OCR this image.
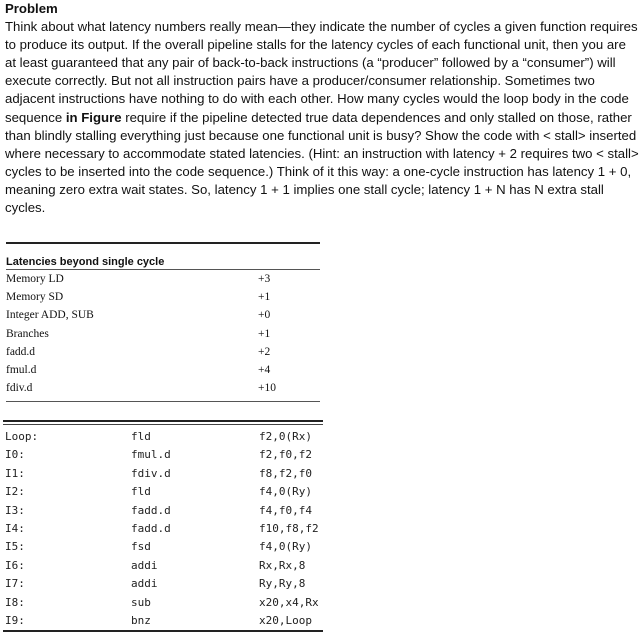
Problem

Think about what latency numbers really mean—they indicate the number of cycles a given function requires to produce its output. If the overall pipeline stalls for the latency cycles of each functional unit, then you are at least guaranteed that any pair of back-to-back instructions (a “producer” followed by a “consumer”) will execute correctly. But not all instruction pairs have a producer/consumer relationship. Sometimes two adjacent instructions have nothing to do with each other. How many cycles would the loop body in the code sequence in Figure require if the pipeline detected true data dependences and only stalled on those, rather than blindly stalling everything just because one functional unit is busy? Show the code with < stall> inserted where necessary to accommodate stated latencies. (Hint: an instruction with latency + 2 requires two < stall> cycles to be inserted into the code sequence.) Think of it this way: a one-cycle instruction has latency 1 + 0, meaning zero extra wait states. So, latency 1 + 1 implies one stall cycle; latency 1 + N has N extra stall cycles.

Latencies beyond single cycle
Memory LD	+3
Memory SD	+1
Integer ADD, SUB	+0
Branches	+1
fadd.d	+2
fmul.d	+4
fdiv.d	+10
Loop:	fld	f2,0(Rx)
I0:	fmul.d	f2,f0,f2
I1:	fdiv.d	f8,f2,f0
I2:	fld	f4,0(Ry)
I3:	fadd.d	f4,f0,f4
I4:	fadd.d	f10,f8,f2
I5:	fsd	f4,0(Ry)
I6:	addi	Rx,Rx,8
I7:	addi	Ry,Ry,8
I8:	sub	x20,x4,Rx
I9:	bnz	x20,Loop
